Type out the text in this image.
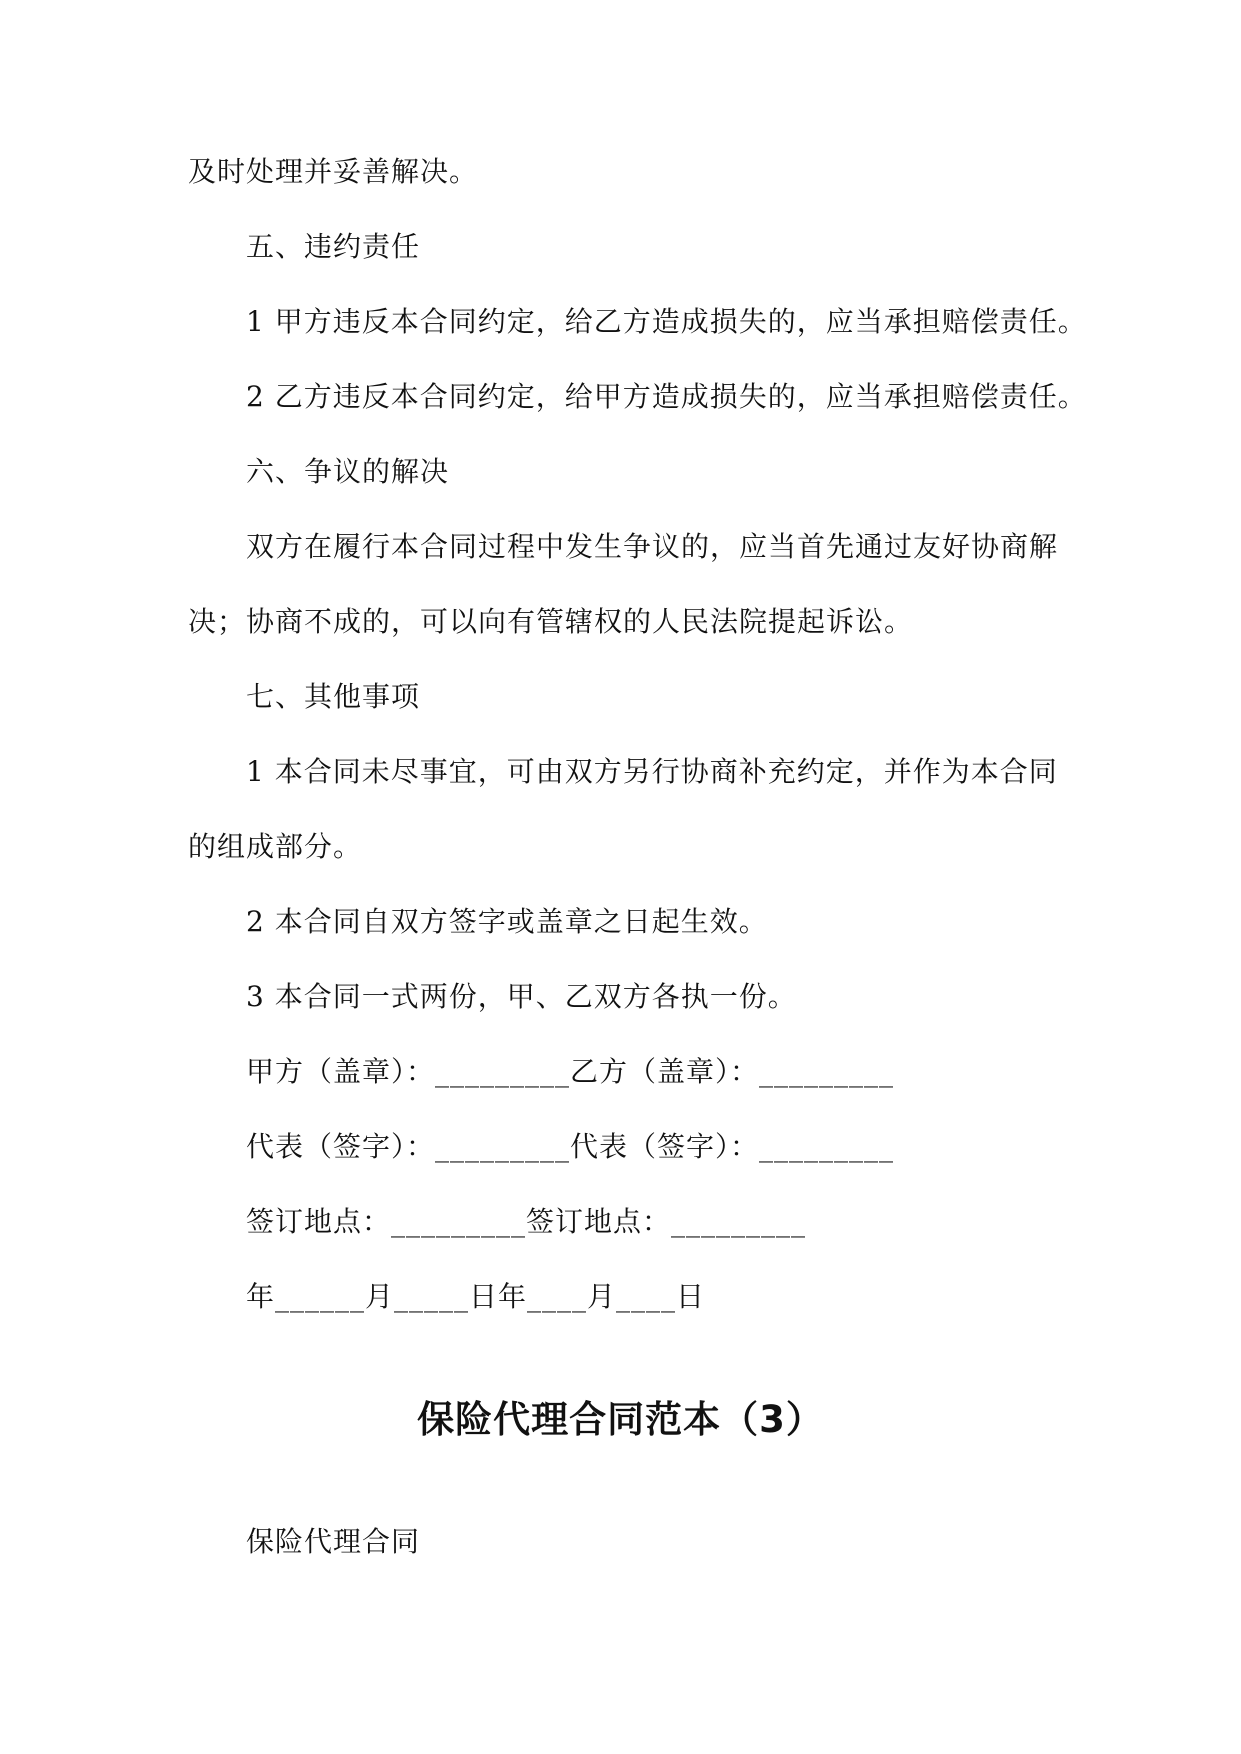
及时处理并妥善解决。
五、违约责任
1 甲方违反本合同约定，给乙方造成损失的，应当承担赔偿责任。
2 乙方违反本合同约定，给甲方造成损失的，应当承担赔偿责任。
六、争议的解决
双方在履行本合同过程中发生争议的，应当首先通过友好协商解
决；协商不成的，可以向有管辖权的人民法院提起诉讼。
七、其他事项
1 本合同未尽事宜，可由双方另行协商补充约定，并作为本合同
的组成部分。
2 本合同自双方签字或盖章之日起生效。
3 本合同一式两份，甲、乙双方各执一份。
甲方（盖章）：_________乙方（盖章）：_________
代表（签字）：_________代表（签字）：_________
签订地点：_________签订地点：_________
年______月_____日年____月____日
保险代理合同范本（3）
保险代理合同
